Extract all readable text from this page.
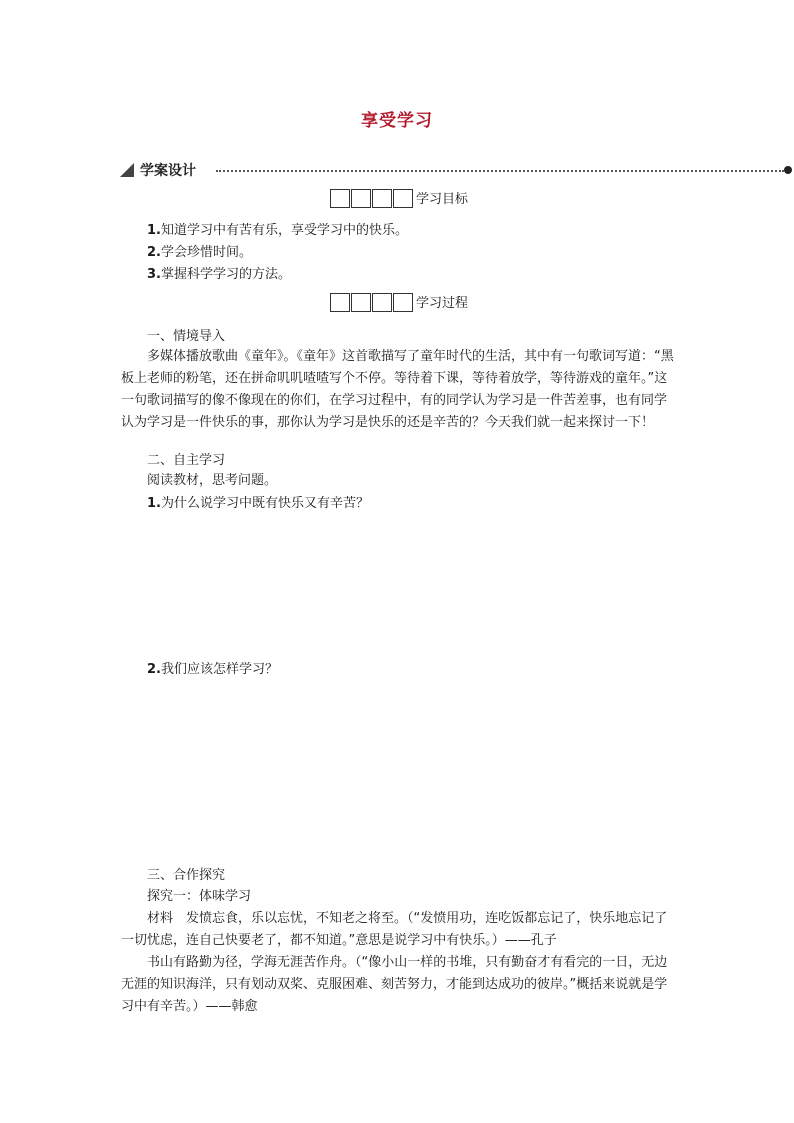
享受学习
学案设计
学习目标

1.知道学习中有苦有乐，享受学习中的快乐。

2.学会珍惜时间。

3.掌握科学学习的方法。

学习过程

一、情境导入

多媒体播放歌曲《童年》。《童年》这首歌描写了童年时代的生活，其中有一句歌词写道：“黑板上老师的粉笔，还在拼命叽叽喳喳写个不停。等待着下课，等待着放学，等待游戏的童年。”这一句歌词描写的像不像现在的你们，在学习过程中，有的同学认为学习是一件苦差事，也有同学认为学习是一件快乐的事，那你认为学习是快乐的还是辛苦的？今天我们就一起来探讨一下！

二、自主学习

阅读教材，思考问题。

1.为什么说学习中既有快乐又有辛苦？

2.我们应该怎样学习？

三、合作探究

探究一：体味学习

材料　发愤忘食，乐以忘忧，不知老之将至。（“发愤用功，连吃饭都忘记了，快乐地忘记了一切忧虑，连自己快要老了，都不知道。”意思是说学习中有快乐。）——孔子

书山有路勤为径，学海无涯苦作舟。（“像小山一样的书堆，只有勤奋才有看完的一日，无边无涯的知识海洋，只有划动双桨、克服困难、刻苦努力，才能到达成功的彼岸。”概括来说就是学习中有辛苦。）——韩愈
